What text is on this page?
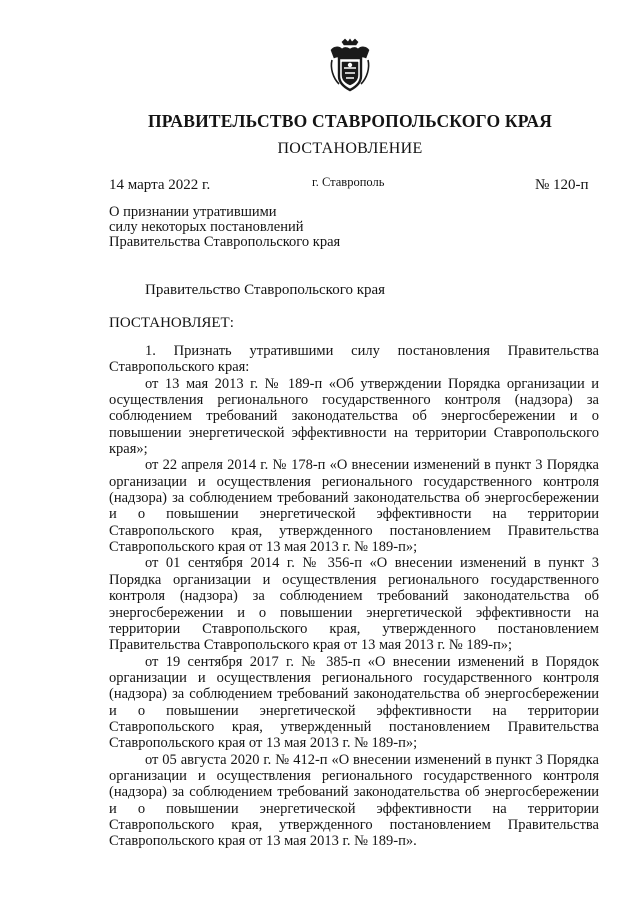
ПРАВИТЕЛЬСТВО СТАВРОПОЛЬСКОГО КРАЯ
ПОСТАНОВЛЕНИЕ
14 марта 2022 г.	г. Ставрополь	№ 120-п
О признании утратившими
силу некоторых постановлений
Правительства Ставропольского края
Правительство Ставропольского края
ПОСТАНОВЛЯЕТ:

1. Признать утратившими силу постановления Правительства Ставропольского края:

от 13 мая 2013 г. № 189-п «Об утверждении Порядка организации и осуществления регионального государственного контроля (надзора) за соблюдением требований законодательства об энергосбережении и о повышении энергетической эффективности на территории Ставропольского края»;

от 22 апреля 2014 г. № 178-п «О внесении изменений в пункт 3 Порядка организации и осуществления регионального государственного контроля (надзора) за соблюдением требований законодательства об энергосбережении и о повышении энергетической эффективности на территории Ставропольского края, утвержденного постановлением Правительства Ставропольского края от 13 мая 2013 г. № 189-п»;

от 01 сентября 2014 г. № 356-п «О внесении изменений в пункт 3 Порядка организации и осуществления регионального государственного контроля (надзора) за соблюдением требований законодательства об энергосбережении и о повышении энергетической эффективности на территории Ставропольского края, утвержденного постановлением Правительства Ставропольского края от 13 мая 2013 г. № 189-п»;

от 19 сентября 2017 г. № 385-п «О внесении изменений в Порядок организации и осуществления регионального государственного контроля (надзора) за соблюдением требований законодательства об энергосбережении и о повышении энергетической эффективности на территории Ставропольского края, утвержденный постановлением Правительства Ставропольского края от 13 мая 2013 г. № 189-п»;

от 05 августа 2020 г. № 412-п «О внесении изменений в пункт 3 Порядка организации и осуществления регионального государственного контроля (надзора) за соблюдением требований законодательства об энергосбережении и о повышении энергетической эффективности на территории Ставропольского края, утвержденного постановлением Правительства Ставропольского края от 13 мая 2013 г. № 189-п».
